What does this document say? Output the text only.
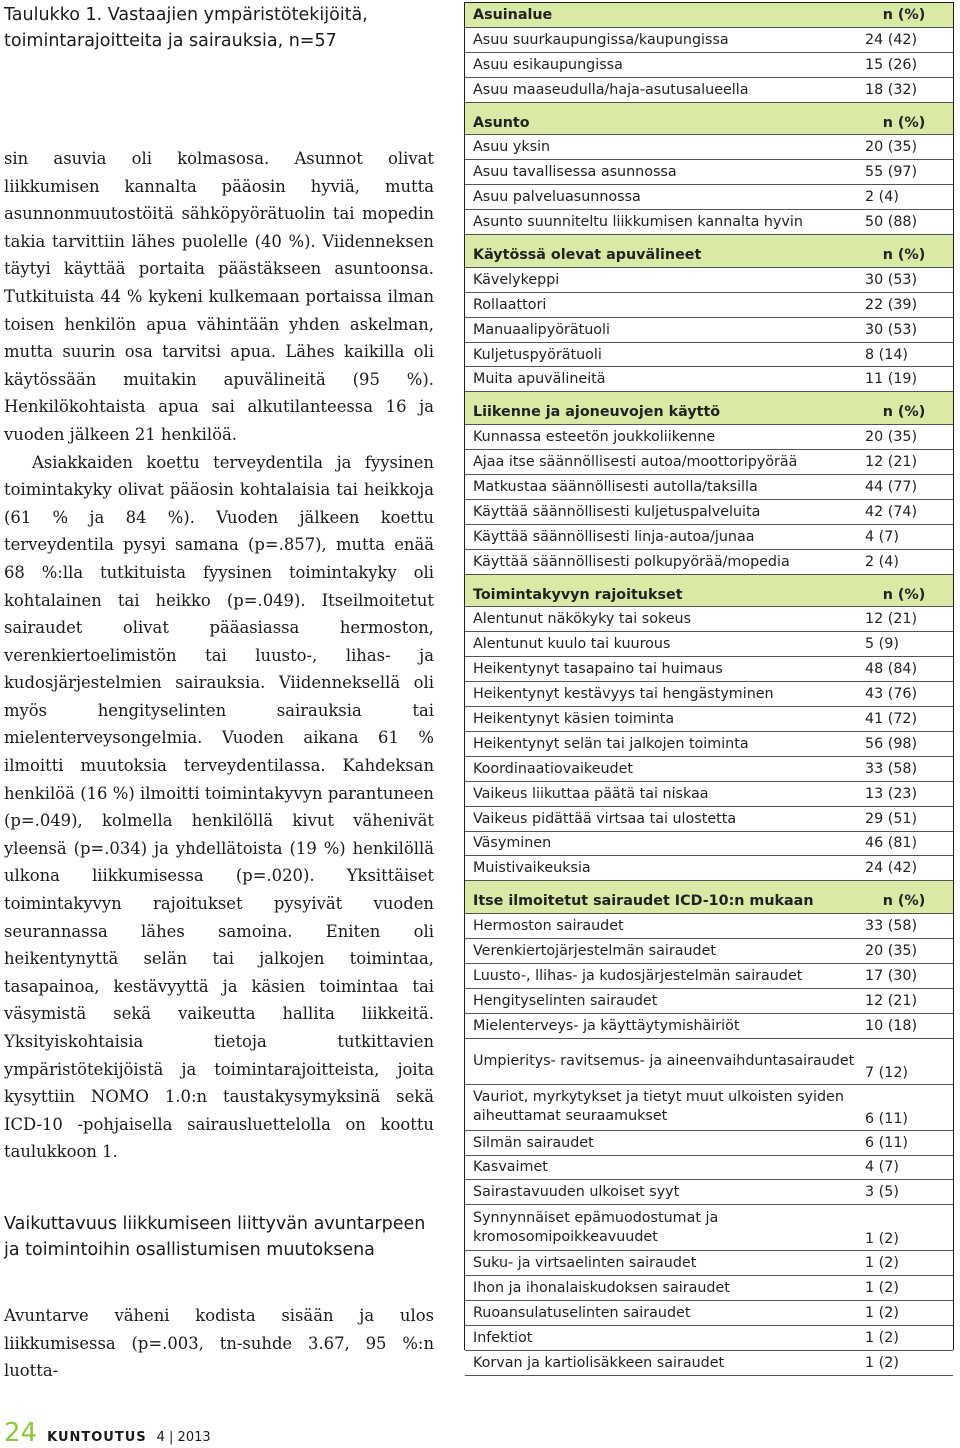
Taulukko 1. Vastaajien ympäristötekijöitä, toimintarajoitteita ja sairauksia, n=57

sin asuvia oli kolmasosa. Asunnot olivat liikkumisen kannalta pääosin hyviä, mutta asunnonmuutostöitä sähköpyörätuolin tai mopedin takia tarvittiin lähes puolelle (40 %). Viidenneksen täytyi käyttää portaita päästäkseen asuntoonsa. Tutkituista 44 % kykeni kulkemaan portaissa ilman toisen henkilön apua vähintään yhden askelman, mutta suurin osa tarvitsi apua. Lähes kaikilla oli käytössään muitakin apuvälineitä (95 %). Henkilökohtaista apua sai alkutilanteessa 16 ja vuoden jälkeen 21 henkilöä.

Asiakkaiden koettu terveydentila ja fyysinen toimintakyky olivat pääosin kohtalaisia tai heikkoja (61 % ja 84 %). Vuoden jälkeen koettu terveydentila pysyi samana (p=.857), mutta enää 68 %:lla tutkituista fyysinen toimintakyky oli kohtalainen tai heikko (p=.049). Itseilmoitetut sairaudet olivat pääasiassa hermoston, verenkiertoelimistön tai luusto-, lihas- ja kudosjärjestelmien sairauksia. Viidenneksellä oli myös hengityselinten sairauksia tai mielenterveysongelmia. Vuoden aikana 61 % ilmoitti muutoksia terveydentilassa. Kahdeksan henkilöä (16 %) ilmoitti toimintakyvyn parantuneen (p=.049), kolmella henkilöllä kivut vähenivät yleensä (p=.034) ja yhdellätoista (19 %) henkilöllä ulkona liikkumisessa (p=.020). Yksittäiset toimintakyvyn rajoitukset pysyivät vuoden seurannassa lähes samoina. Eniten oli heikentynyttä selän tai jalkojen toimintaa, tasapainoa, kestävyyttä ja käsien toimintaa tai väsymistä sekä vaikeutta hallita liikkeitä. Yksityiskohtaisia tietoja tutkittavien ympäristötekijöistä ja toimintarajoitteista, joita kysyttiin NOMO 1.0:n taustakysymyksinä sekä ICD-10 -pohjaisella sairausluettelolla on koottu taulukkoon 1.

Vaikuttavuus liikkumiseen liittyvän avuntarpeen ja toimintoihin osallistumisen muutoksena

Avuntarve väheni kodista sisään ja ulos liikkumisessa (p=.003, tn-suhde 3.67, 95 %:n luotta-

24 KUNTOUTUS 4 | 2013
Asuinalue	n (%)
Asuu suurkaupungissa/kaupungissa	24 (42)
Asuu esikaupungissa	15 (26)
Asuu maaseudulla/haja-asutusalueella	18 (32)

Asunto	n (%)
Asuu yksin	20 (35)
Asuu tavallisessa asunnossa	55 (97)
Asuu palveluasunnossa	2 (4)
Asunto suunniteltu liikkumisen kannalta hyvin	50 (88)

Käytössä olevat apuvälineet	n (%)
Kävelykeppi	30 (53)
Rollaattori	22 (39)
Manuaalipyörätuoli	30 (53)
Kuljetuspyörätuoli	8 (14)
Muita apuvälineitä	11 (19)

Liikenne ja ajoneuvojen käyttö	n (%)
Kunnassa esteetön joukkoliikenne	20 (35)
Ajaa itse säännöllisesti autoa/moottoripyörää	12 (21)
Matkustaa säännöllisesti autolla/taksilla	44 (77)
Käyttää säännöllisesti kuljetuspalveluita	42 (74)
Käyttää säännöllisesti linja-autoa/junaa	4 (7)
Käyttää säännöllisesti polkupyörää/mopedia	2 (4)

Toimintakyvyn rajoitukset	n (%)
Alentunut näkökyky tai sokeus	12 (21)
Alentunut kuulo tai kuurous	5 (9)
Heikentynyt tasapaino tai huimaus	48 (84)
Heikentynyt kestävyys tai hengästyminen	43 (76)
Heikentynyt käsien toiminta	41 (72)
Heikentynyt selän tai jalkojen toiminta	56 (98)
Koordinaatiovaikeudet	33 (58)
Vaikeus liikuttaa päätä tai niskaa	13 (23)
Vaikeus pidättää virtsaa tai ulostetta	29 (51)
Väsyminen	46 (81)
Muistivaikeuksia	24 (42)

Itse ilmoitetut sairaudet ICD-10:n mukaan	n (%)
Hermoston sairaudet	33 (58)
Verenkiertojärjestelmän sairaudet	20 (35)
Luusto-, llihas- ja kudosjärjestelmän sairaudet	17 (30)
Hengityselinten sairaudet	12 (21)
Mielenterveys- ja käyttäytymishäiriöt	10 (18)
Umpieritys- ravitsemus- ja aineenvaihduntasairaudet	7 (12)
Vauriot, myrkytykset ja tietyt muut ulkoisten syiden aiheuttamat seuraamukset	6 (11)
Silmän sairaudet	6 (11)
Kasvaimet	4 (7)
Sairastavuuden ulkoiset syyt	3 (5)
Synnynnäiset epämuodostumat ja kromosomipoikkeavuudet	1 (2)
Suku- ja virtsaelinten sairaudet	1 (2)
Ihon ja ihonalaiskudoksen sairaudet	1 (2)
Ruoansulatuselinten sairaudet	1 (2)
Infektiot	1 (2)
Korvan ja kartiolisäkkeen sairaudet	1 (2)
